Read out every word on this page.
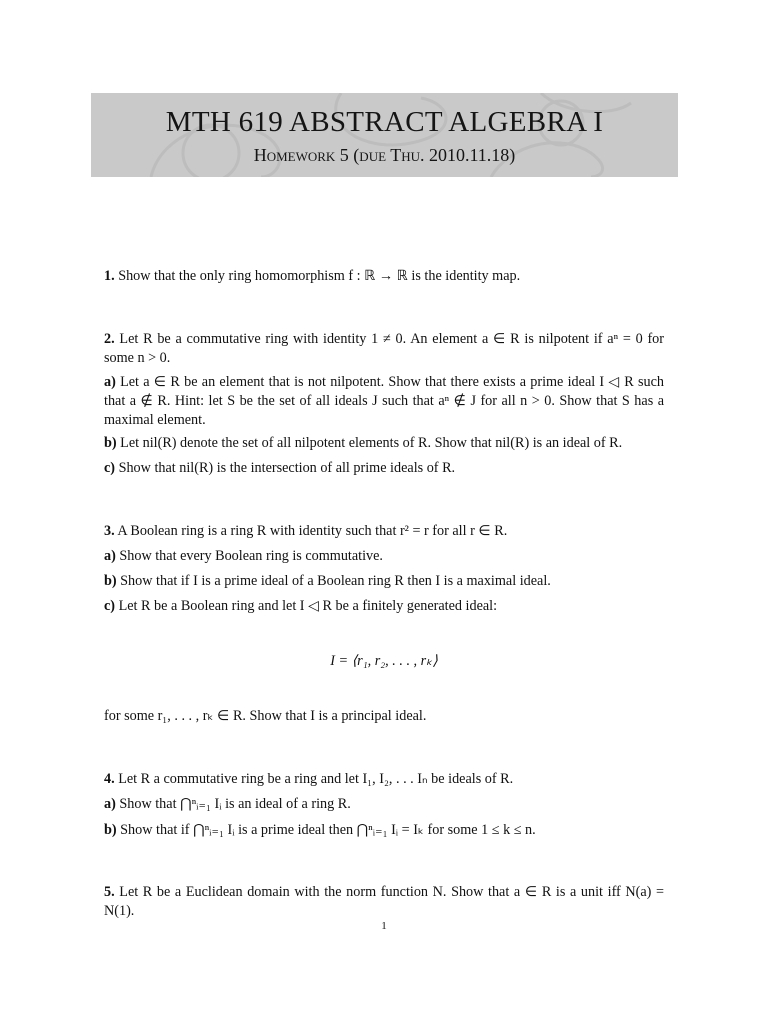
MTH 619 ABSTRACT ALGEBRA I
Homework 5 (due Thu. 2010.11.18)
1. Show that the only ring homomorphism f : ℝ → ℝ is the identity map.
2. Let R be a commutative ring with identity 1 ≠ 0. An element a ∈ R is nilpotent if aⁿ = 0 for some n > 0.
a) Let a ∈ R be an element that is not nilpotent. Show that there exists a prime ideal I ◁ R such that a ∉ R. Hint: let S be the set of all ideals J such that aⁿ ∉ J for all n > 0. Show that S has a maximal element.
b) Let nil(R) denote the set of all nilpotent elements of R. Show that nil(R) is an ideal of R.
c) Show that nil(R) is the intersection of all prime ideals of R.
3. A Boolean ring is a ring R with identity such that r² = r for all r ∈ R.
a) Show that every Boolean ring is commutative.
b) Show that if I is a prime ideal of a Boolean ring R then I is a maximal ideal.
c) Let R be a Boolean ring and let I ◁ R be a finitely generated ideal:
I = ⟨r₁, r₂, . . . , rₖ⟩
for some r₁, . . . , rₖ ∈ R. Show that I is a principal ideal.
4. Let R a commutative ring be a ring and let I₁, I₂, . . . Iₙ be ideals of R.
a) Show that ⋂ⁿᵢ₌₁ Iᵢ is an ideal of a ring R.
b) Show that if ⋂ⁿᵢ₌₁ Iᵢ is a prime ideal then ⋂ⁿᵢ₌₁ Iᵢ = Iₖ for some 1 ≤ k ≤ n.
5. Let R be a Euclidean domain with the norm function N. Show that a ∈ R is a unit iff N(a) = N(1).
1
